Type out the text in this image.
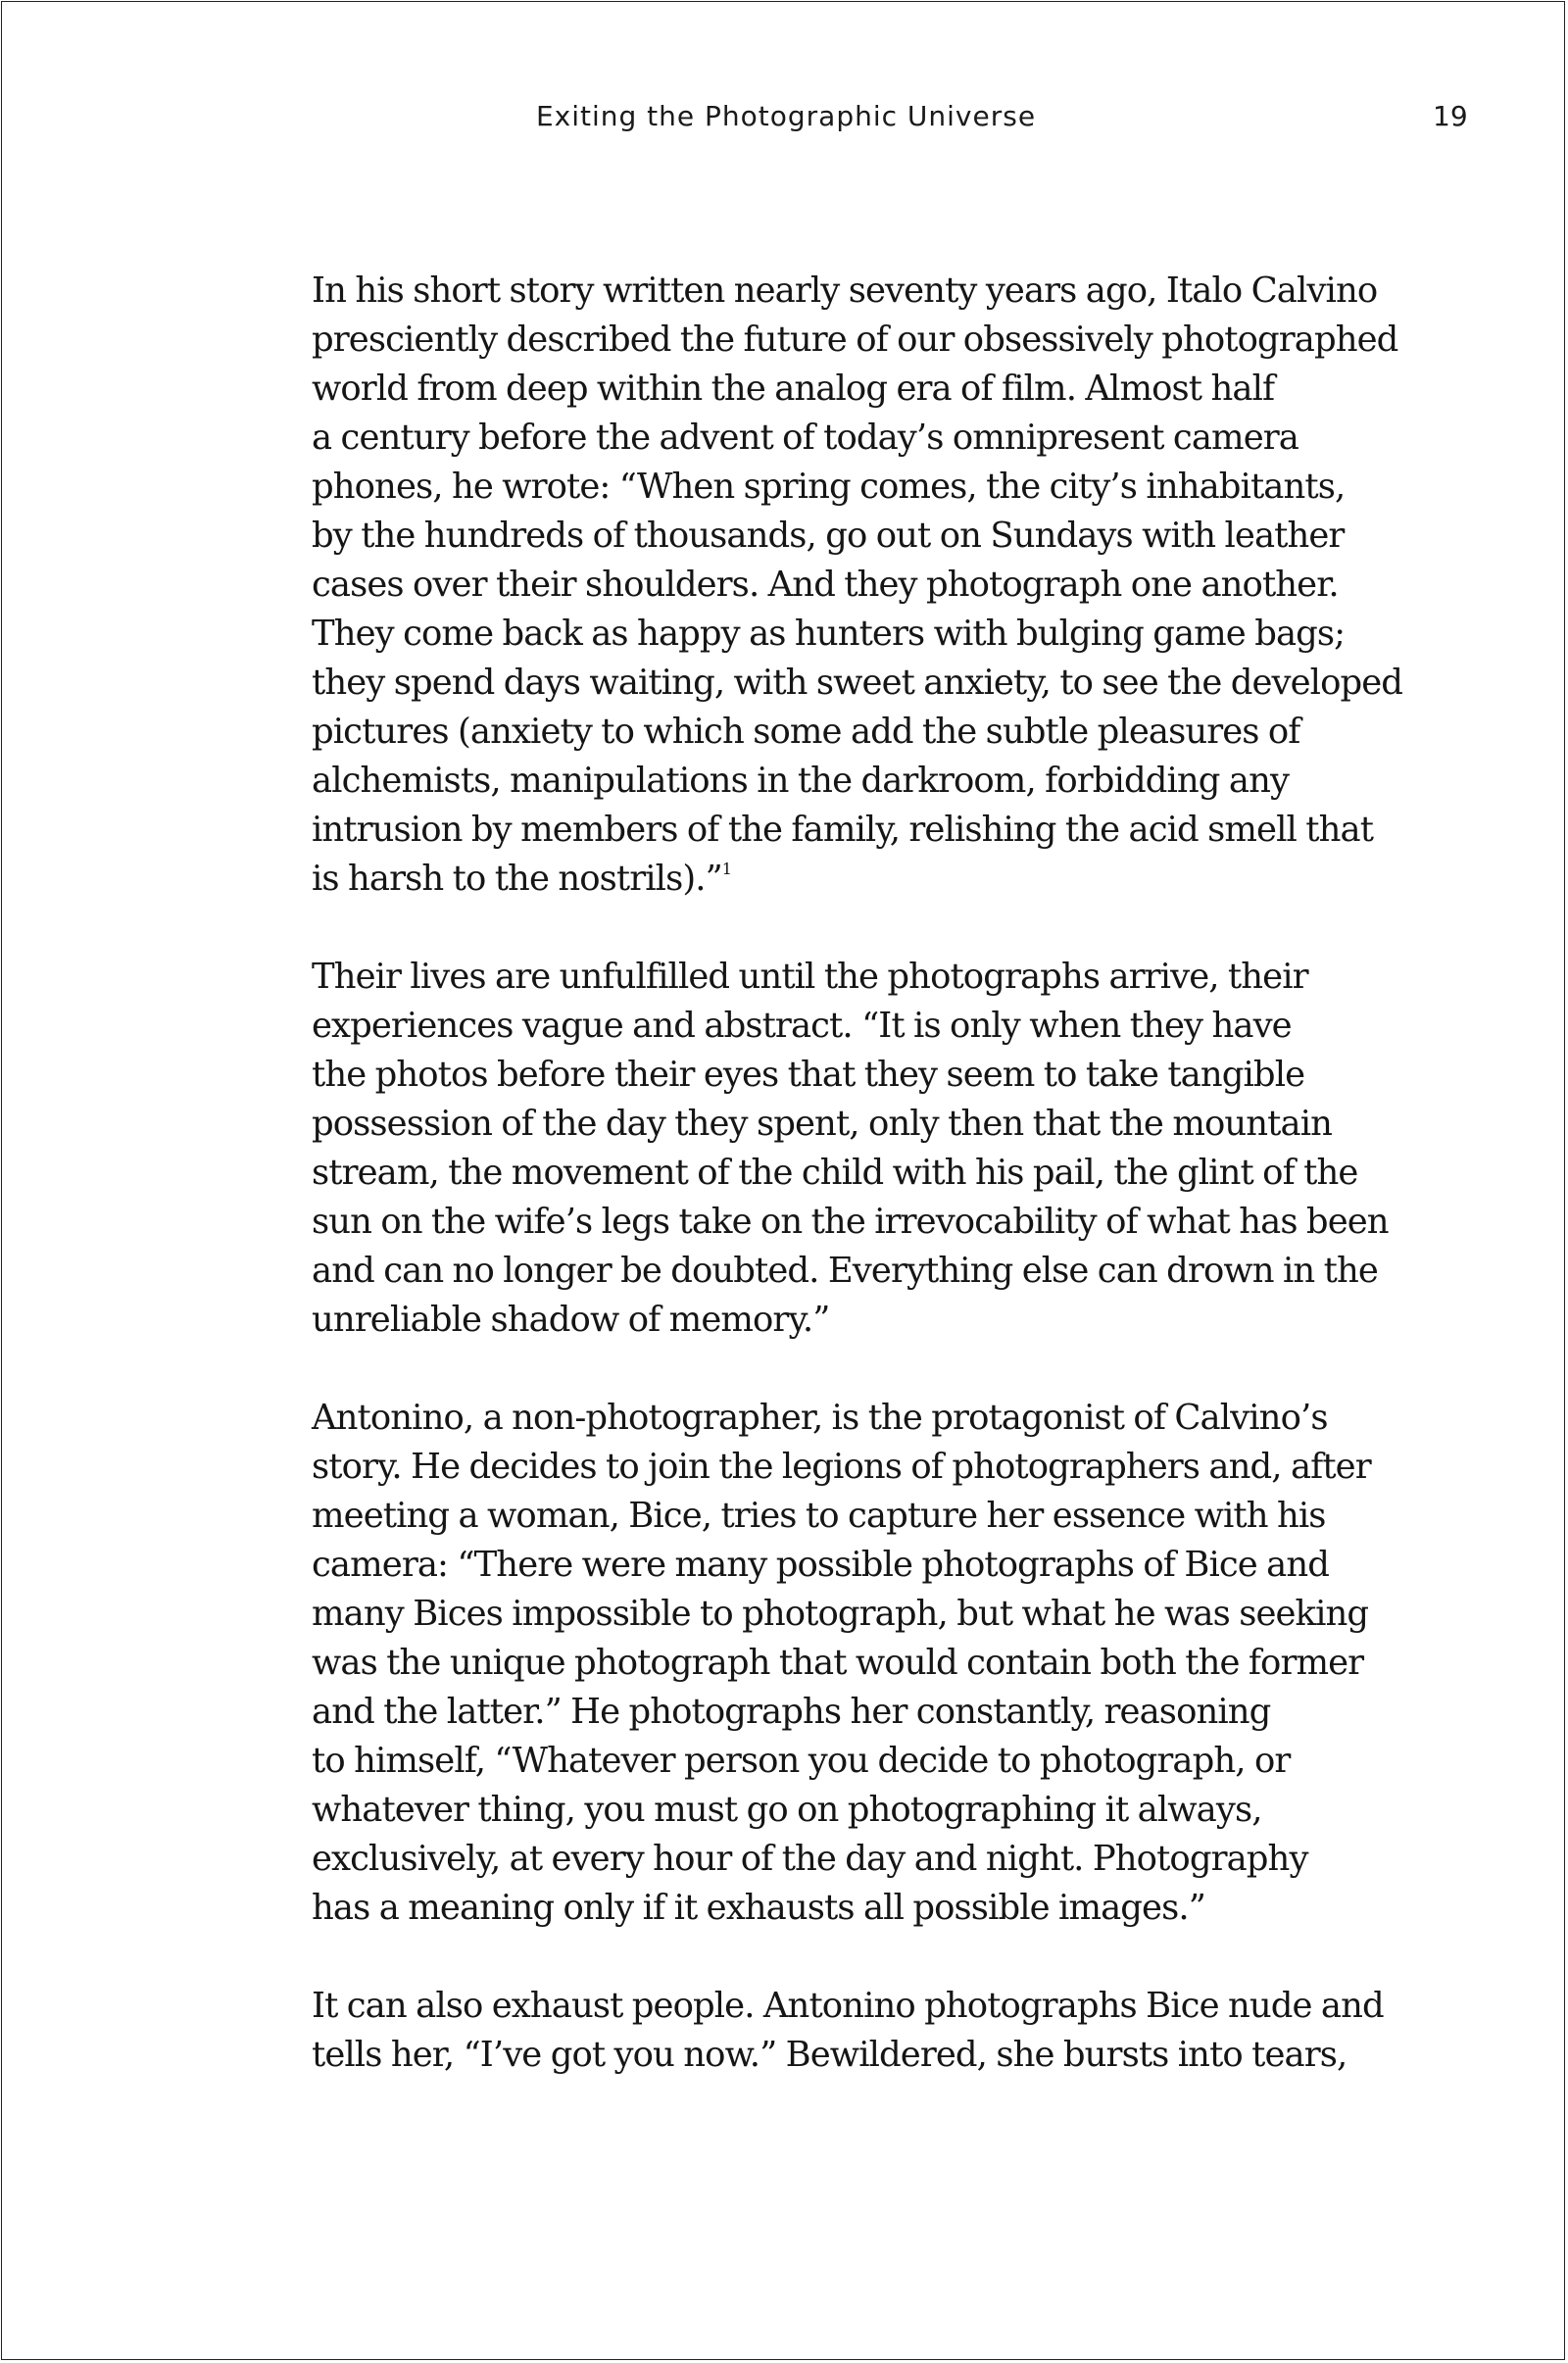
Exiting the Photographic Universe	19

In his short story written nearly seventy years ago, Italo Calvino
presciently described the future of our obsessively photographed
world from deep within the analog era of film. Almost half
a century before the advent of today’s omnipresent camera
phones, he wrote: “When spring comes, the city’s inhabitants,
by the hundreds of thousands, go out on Sundays with leather
cases over their shoulders. And they photograph one another.
They come back as happy as hunters with bulging game bags;
they spend days waiting, with sweet anxiety, to see the developed
pictures (anxiety to which some add the subtle pleasures of
alchemists, manipulations in the darkroom, forbidding any
intrusion by members of the family, relishing the acid smell that
is harsh to the nostrils).”$^1$

Their lives are unfulfilled until the photographs arrive, their
experiences vague and abstract. “It is only when they have
the photos before their eyes that they seem to take tangible
possession of the day they spent, only then that the mountain
stream, the movement of the child with his pail, the glint of the
sun on the wife’s legs take on the irrevocability of what has been
and can no longer be doubted. Everything else can drown in the
unreliable shadow of memory.”

Antonino, a non-photographer, is the protagonist of Calvino’s
story. He decides to join the legions of photographers and, after
meeting a woman, Bice, tries to capture her essence with his
camera: “There were many possible photographs of Bice and
many Bices impossible to photograph, but what he was seeking
was the unique photograph that would contain both the former
and the latter.” He photographs her constantly, reasoning
to himself, “Whatever person you decide to photograph, or
whatever thing, you must go on photographing it always,
exclusively, at every hour of the day and night. Photography
has a meaning only if it exhausts all possible images.”

It can also exhaust people. Antonino photographs Bice nude and
tells her, “I’ve got you now.” Bewildered, she bursts into tears,
